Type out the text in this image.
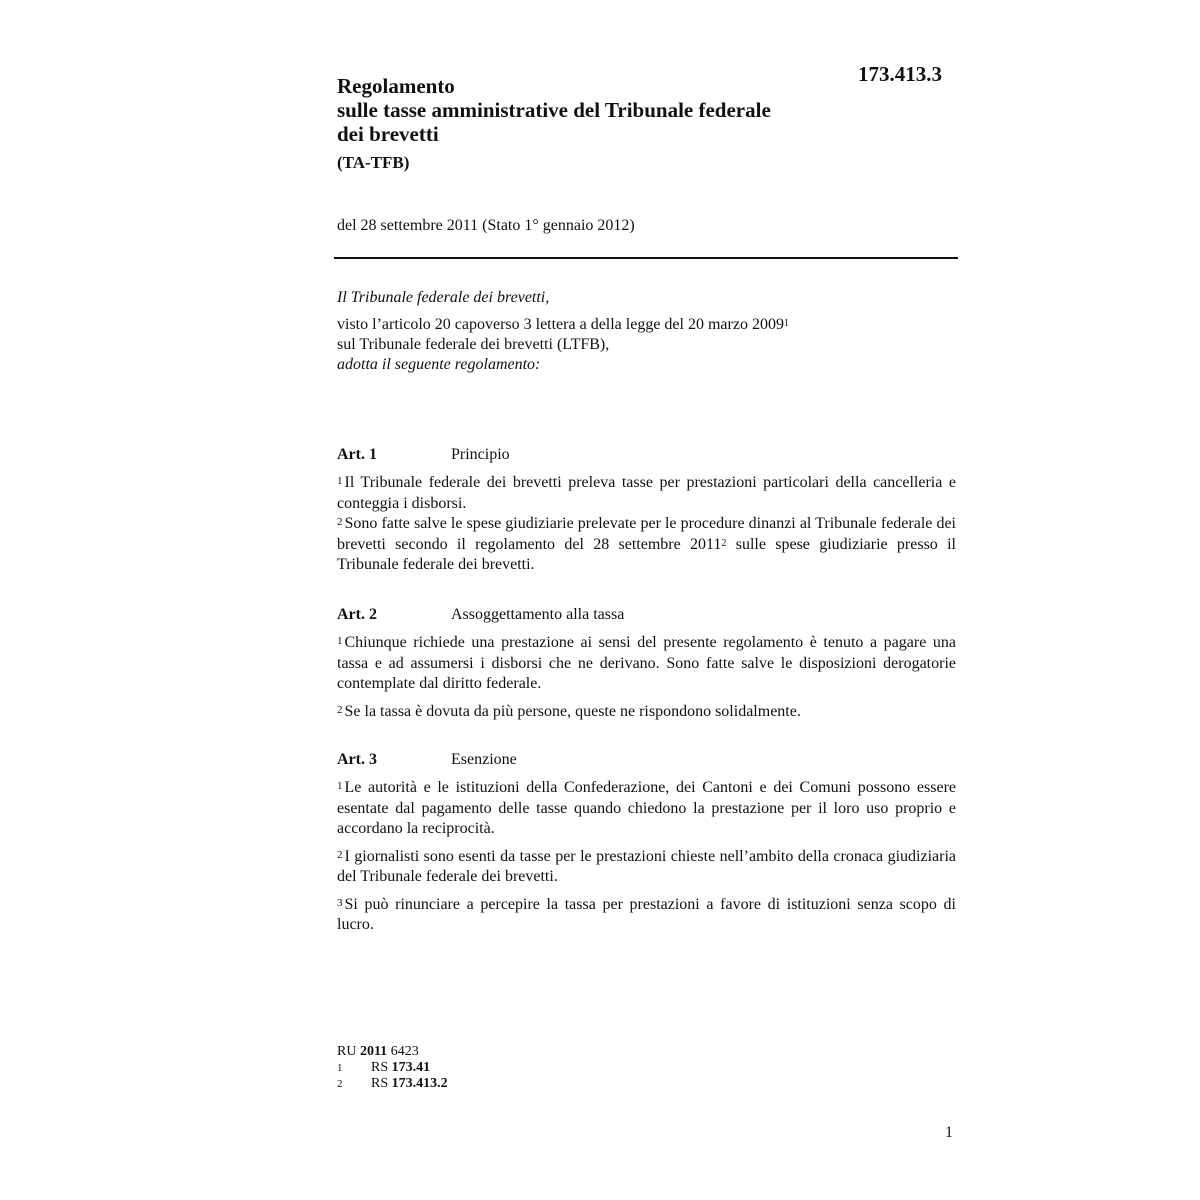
173.413.3
Regolamento
sulle tasse amministrative del Tribunale federale
dei brevetti
(TA-TFB)
del 28 settembre 2011 (Stato 1° gennaio 2012)
Il Tribunale federale dei brevetti,
visto l’articolo 20 capoverso 3 lettera a della legge del 20 marzo 2009$^1$
sul Tribunale federale dei brevetti (LTFB),
adotta il seguente regolamento:
Art. 1	Principio
$^1$ Il Tribunale federale dei brevetti preleva tasse per prestazioni particolari della cancelleria e conteggia i disborsi.
$^2$ Sono fatte salve le spese giudiziarie prelevate per le procedure dinanzi al Tribunale federale dei brevetti secondo il regolamento del 28 settembre 2011$^2$ sulle spese giudiziarie presso il Tribunale federale dei brevetti.
Art. 2	Assoggettamento alla tassa
$^1$ Chiunque richiede una prestazione ai sensi del presente regolamento è tenuto a pagare una tassa e ad assumersi i disborsi che ne derivano. Sono fatte salve le disposizioni derogatorie contemplate dal diritto federale.
$^2$ Se la tassa è dovuta da più persone, queste ne rispondono solidalmente.
Art. 3	Esenzione
$^1$ Le autorità e le istituzioni della Confederazione, dei Cantoni e dei Comuni possono essere esentate dal pagamento delle tasse quando chiedono la prestazione per il loro uso proprio e accordano la reciprocità.
$^2$ I giornalisti sono esenti da tasse per le prestazioni chieste nell’ambito della cronaca giudiziaria del Tribunale federale dei brevetti.
$^3$ Si può rinunciare a percepire la tassa per prestazioni a favore di istituzioni senza scopo di lucro.
RU
2011
6423
1	RS
173.41
2	RS
173.413.2
1
